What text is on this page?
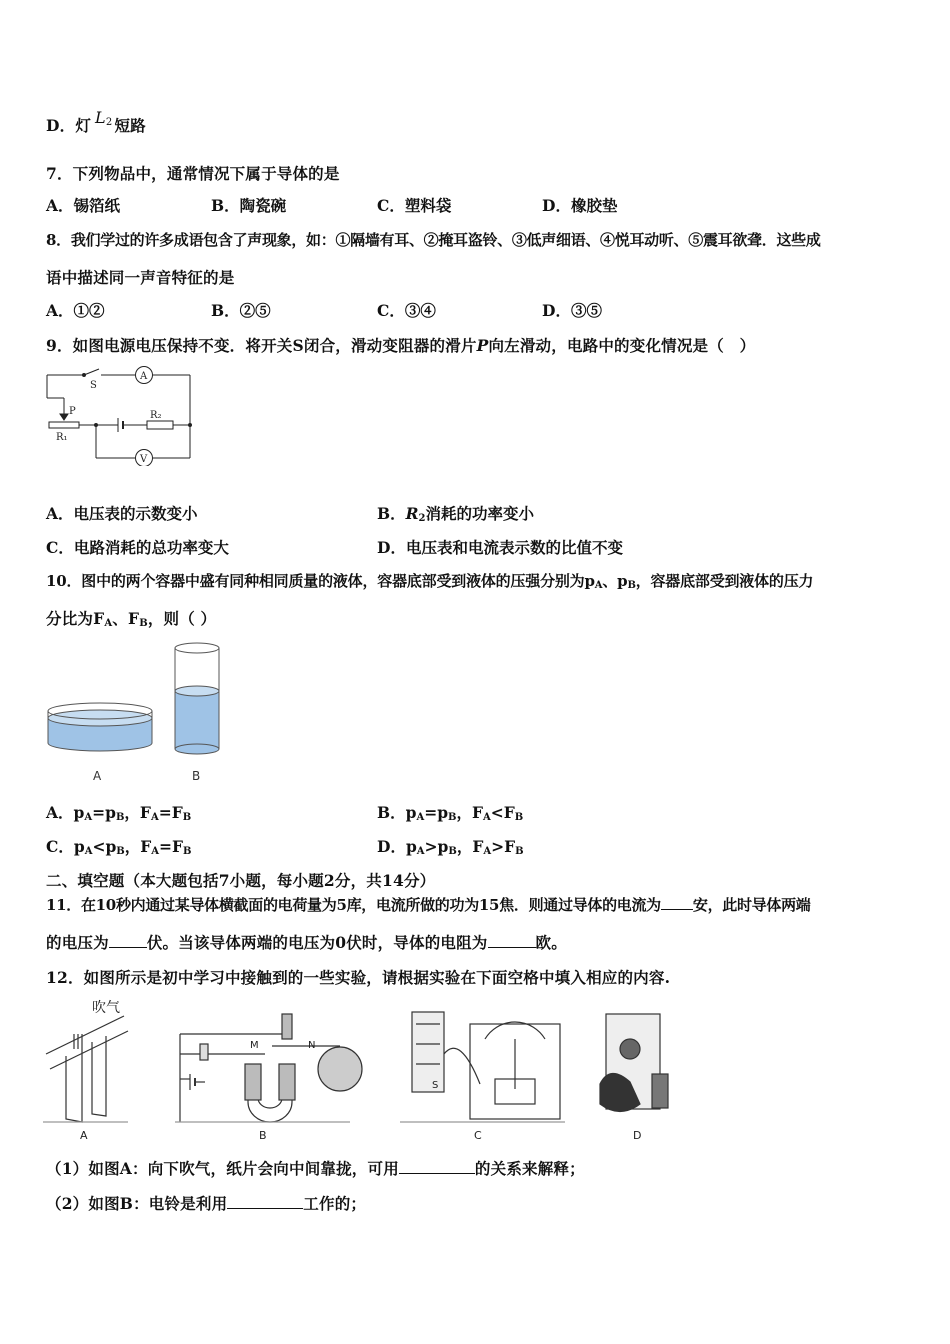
D．灯 $L^2$ 短路
7．下列物品中，通常情况下属于导体的是
A．锡箔纸	B．陶瓷碗	C．塑料袋	D．橡胶垫
8．我们学过的许多成语包含了声现象，如：①隔墙有耳、②掩耳盗铃、③低声细语、④悦耳动听、⑤震耳欲聋．这些成
语中描述同一声音特征的是
A．①②	B．②⑤	C．③④	D．③⑤
9．如图电源电压保持不变．将开关S闭合，滑动变阻器的滑片P向左滑动，电路中的变化情况是（　）
S
A
P
R₁
R₂
V
A．电压表的示数变小	B．$R_2$消耗的功率变小
C．电路消耗的总功率变大	D．电压表和电流表示数的比值不变
10．图中的两个容器中盛有同种相同质量的液体，容器底部受到液体的压强分别为$p_A$、$p_B$，容器底部受到液体的压力
分比为$F_A$、$F_B$，则（ ）
A	B
A．$p_A=p_B$，$F_A=F_B$	B．$p_A=p_B$，$F_A<F_B$
C．$p_A<p_B$，$F_A=F_B$	D．$p_A>p_B$，$F_A>F_B$
二、填空题（本大题包括7小题，每小题2分，共14分）
11．在10秒内通过某导体横截面的电荷量为5库，电流所做的功为15焦．则通过导体的电流为 安，此时导体两端
的电压为 伏。当该导体两端的电压为0伏时，导体的电阻为	欧。
12．如图所示是初中学习中接触到的一些实验，请根据实验在下面空格中填入相应的内容.
吹气
M	N
S
A	B	C	D
（1）如图A：向下吹气，纸片会向中间靠拢，可用	的关系来解释；
（2）如图B：电铃是利用	工作的；
